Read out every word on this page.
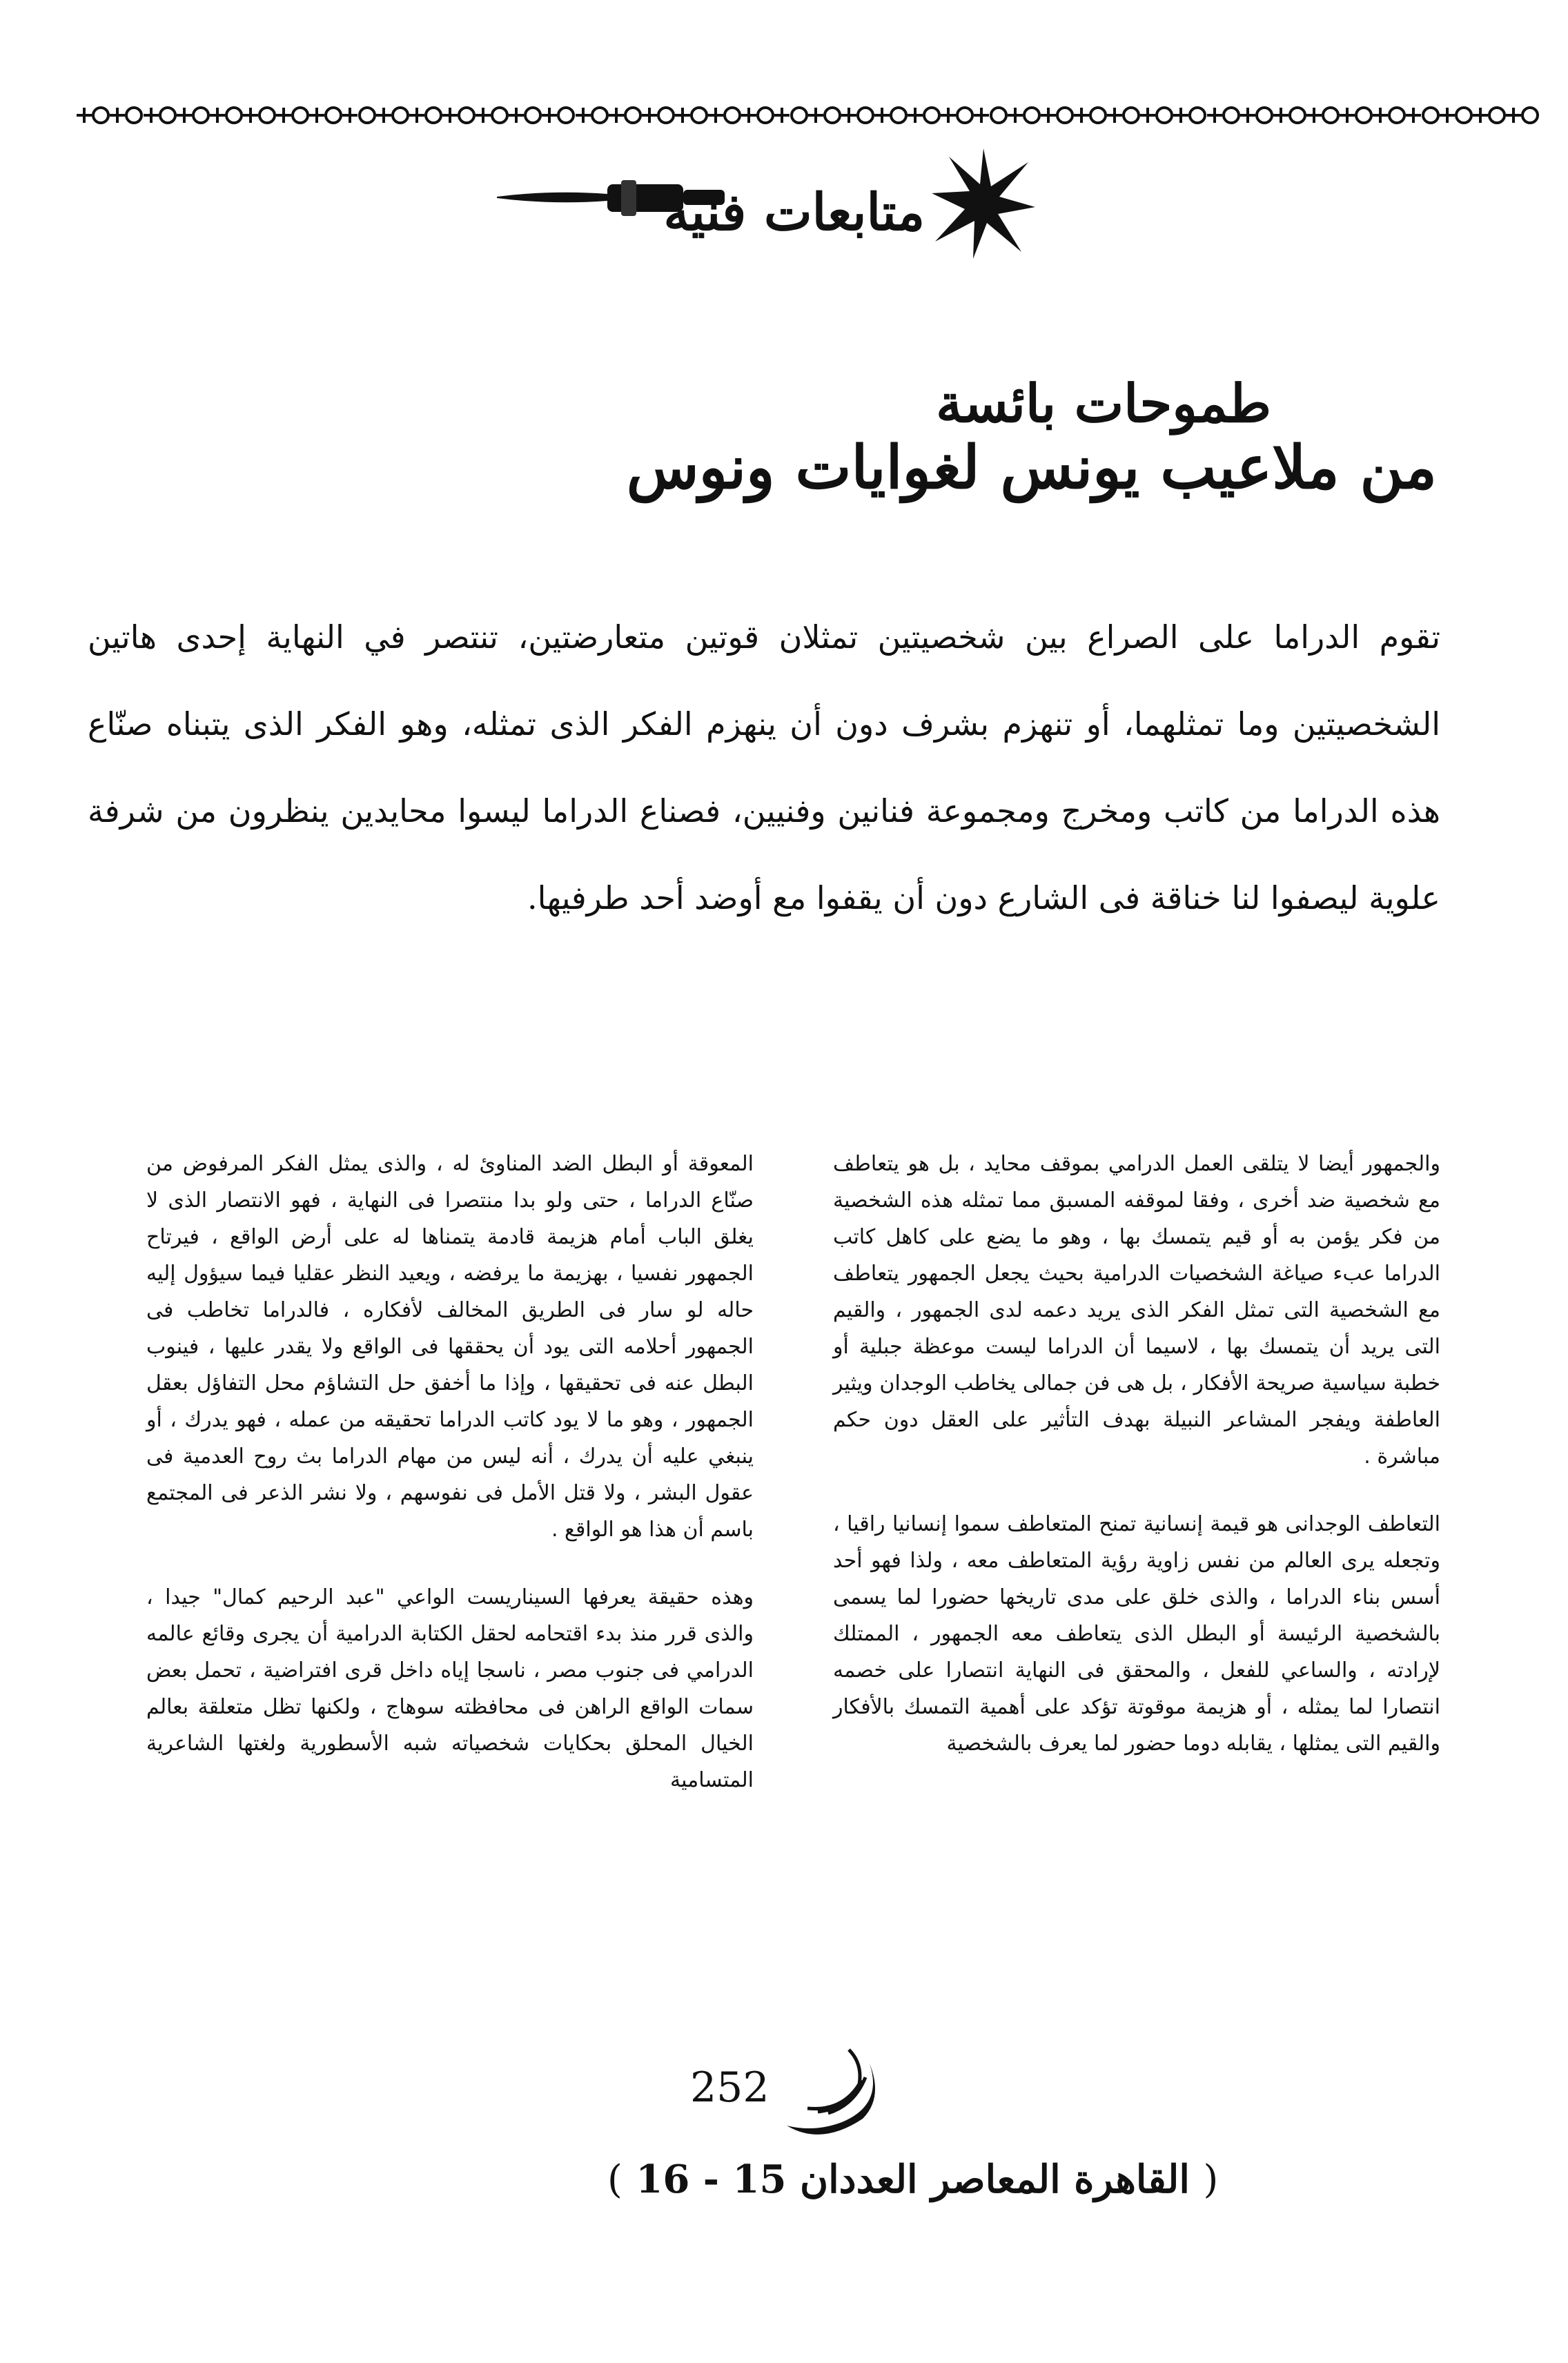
متابعات فنية
طموحات بائسة
من ملاعيب يونس لغوايات ونوس

تقوم الدراما على الصراع بين شخصيتين تمثلان قوتين متعارضتين، تنتصر في النهاية إحدى هاتين الشخصيتين وما تمثلهما، أو تنهزم بشرف دون أن ينهزم الفكر الذى تمثله، وهو الفكر الذى يتبناه صنّاع هذه الدراما من كاتب ومخرج ومجموعة فنانين وفنيين، فصناع الدراما ليسوا محايدين ينظرون من شرفة علوية ليصفوا لنا خناقة فى الشارع دون أن يقفوا مع أوضد أحد طرفيها.

والجمهور أيضا لا يتلقى العمل الدرامي بموقف محايد ، بل هو يتعاطف مع شخصية ضد أخرى ، وفقا لموقفه المسبق مما تمثله هذه الشخصية من فكر يؤمن به أو قيم يتمسك بها ، وهو ما يضع على كاهل كاتب الدراما عبء صياغة الشخصيات الدرامية بحيث يجعل الجمهور يتعاطف مع الشخصية التى تمثل الفكر الذى يريد دعمه لدى الجمهور ، والقيم التى يريد أن يتمسك بها ، لاسيما أن الدراما ليست موعظة جبلية أو خطبة سياسية صريحة الأفكار ، بل هى فن جمالى يخاطب الوجدان ويثير العاطفة ويفجر المشاعر النبيلة بهدف التأثير على العقل دون حكم مباشرة .

التعاطف الوجدانى هو قيمة إنسانية تمنح المتعاطف سموا إنسانيا راقيا ، وتجعله يرى العالم من نفس زاوية رؤية المتعاطف معه ، ولذا فهو أحد أسس بناء الدراما ، والذى خلق على مدى تاريخها حضورا لما يسمى بالشخصية الرئيسة أو البطل الذى يتعاطف معه الجمهور ، الممتلك لإرادته ، والساعي للفعل ، والمحقق فى النهاية انتصارا على خصمه انتصارا لما يمثله ، أو هزيمة موقوتة تؤكد على أهمية التمسك بالأفكار والقيم التى يمثلها ، يقابله دوما حضور لما يعرف بالشخصية

المعوقة أو البطل الضد المناوئ له ، والذى يمثل الفكر المرفوض من صنّاع الدراما ، حتى ولو بدا منتصرا فى النهاية ، فهو الانتصار الذى لا يغلق الباب أمام هزيمة قادمة يتمناها له على أرض الواقع ، فيرتاح الجمهور نفسيا ، بهزيمة ما يرفضه ، ويعيد النظر عقليا فيما سيؤول إليه حاله لو سار فى الطريق المخالف لأفكاره ، فالدراما تخاطب فى الجمهور أحلامه التى يود أن يحققها فى الواقع ولا يقدر عليها ، فينوب البطل عنه فى تحقيقها ، وإذا ما أخفق حل التشاؤم محل التفاؤل بعقل الجمهور ، وهو ما لا يود كاتب الدراما تحقيقه من عمله ، فهو يدرك ، أو ينبغي عليه أن يدرك ، أنه ليس من مهام الدراما بث روح العدمية فى عقول البشر ، ولا قتل الأمل فى نفوسهم ، ولا نشر الذعر فى المجتمع باسم أن هذا هو الواقع .

وهذه حقيقة يعرفها السيناريست الواعي "عبد الرحيم كمال" جيدا ، والذى قرر منذ بدء اقتحامه لحقل الكتابة الدرامية أن يجرى وقائع عالمه الدرامي فى جنوب مصر ، ناسجا إياه داخل قرى افتراضية ، تحمل بعض سمات الواقع الراهن فى محافظته سوهاج ، ولكنها تظل متعلقة بعالم الخيال المحلق بحكايات شخصياته شبه الأسطورية ولغتها الشاعرية المتسامية

252
( القاهرة المعاصر العددان 15 - 16 )
